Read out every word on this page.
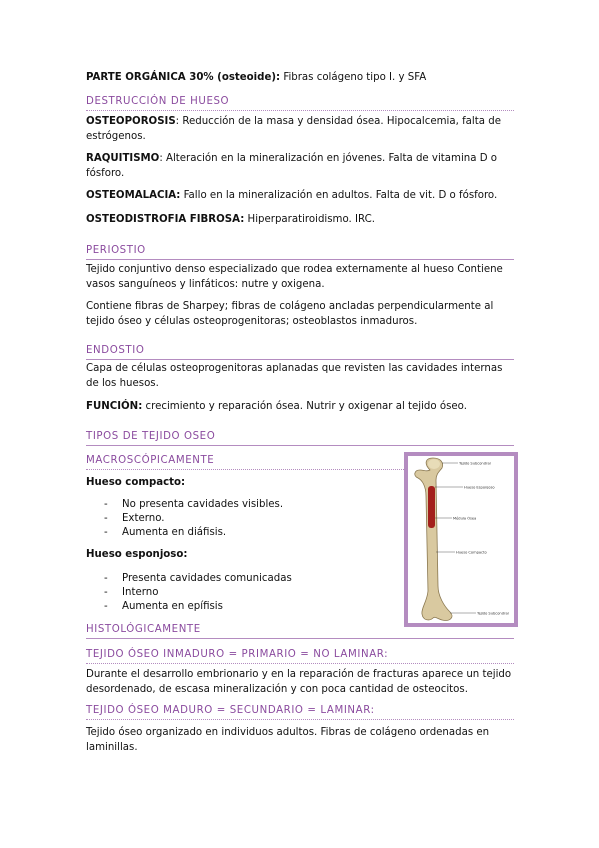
PARTE ORGÁNICA 30% (osteoide): Fibras colágeno tipo I. y SFA

DESTRUCCIÓN DE HUESO

OSTEOPOROSIS: Reducción de la masa y densidad ósea. Hipocalcemia, falta de estrógenos.

RAQUITISMO: Alteración en la mineralización en jóvenes. Falta de vitamina D o fósforo.

OSTEOMALACIA: Fallo en la mineralización en adultos. Falta de vit. D o fósforo.

OSTEODISTROFIA FIBROSA: Hiperparatiroidismo. IRC.

PERIOSTIO

Tejido conjuntivo denso especializado que rodea externamente al hueso Contiene vasos sanguíneos y linfáticos: nutre y oxigena.

Contiene fibras de Sharpey; fibras de colágeno ancladas perpendicularmente al tejido óseo y células osteoprogenitoras; osteoblastos inmaduros.

ENDOSTIO

Capa de células osteoprogenitoras aplanadas que revisten las cavidades internas de los huesos.

FUNCIÓN: crecimiento y reparación ósea. Nutrir y oxigenar al tejido óseo.

TIPOS DE TEJIDO OSEO
MACROSCÓPICAMENTE

Hueso compacto:

- No presenta cavidades visibles.
- Externo.
- Aumenta en diáfisis.

Hueso esponjoso:

- Presenta cavidades comunicadas
- Interno
- Aumenta en epífisis
Tejido Subcondral
Hueso Esponjoso
Médula Ósea
Hueso Compacto
Tejido Subcondral
HISTOLÓGICAMENTE
TEJIDO ÓSEO INMADURO = PRIMARIO = NO LAMINAR:

Durante el desarrollo embrionario y en la reparación de fracturas aparece un tejido desordenado, de escasa mineralización y con poca cantidad de osteocitos.

TEJIDO ÓSEO MADURO = SECUNDARIO = LAMINAR:

Tejido óseo organizado en individuos adultos. Fibras de colágeno ordenadas en laminillas.
